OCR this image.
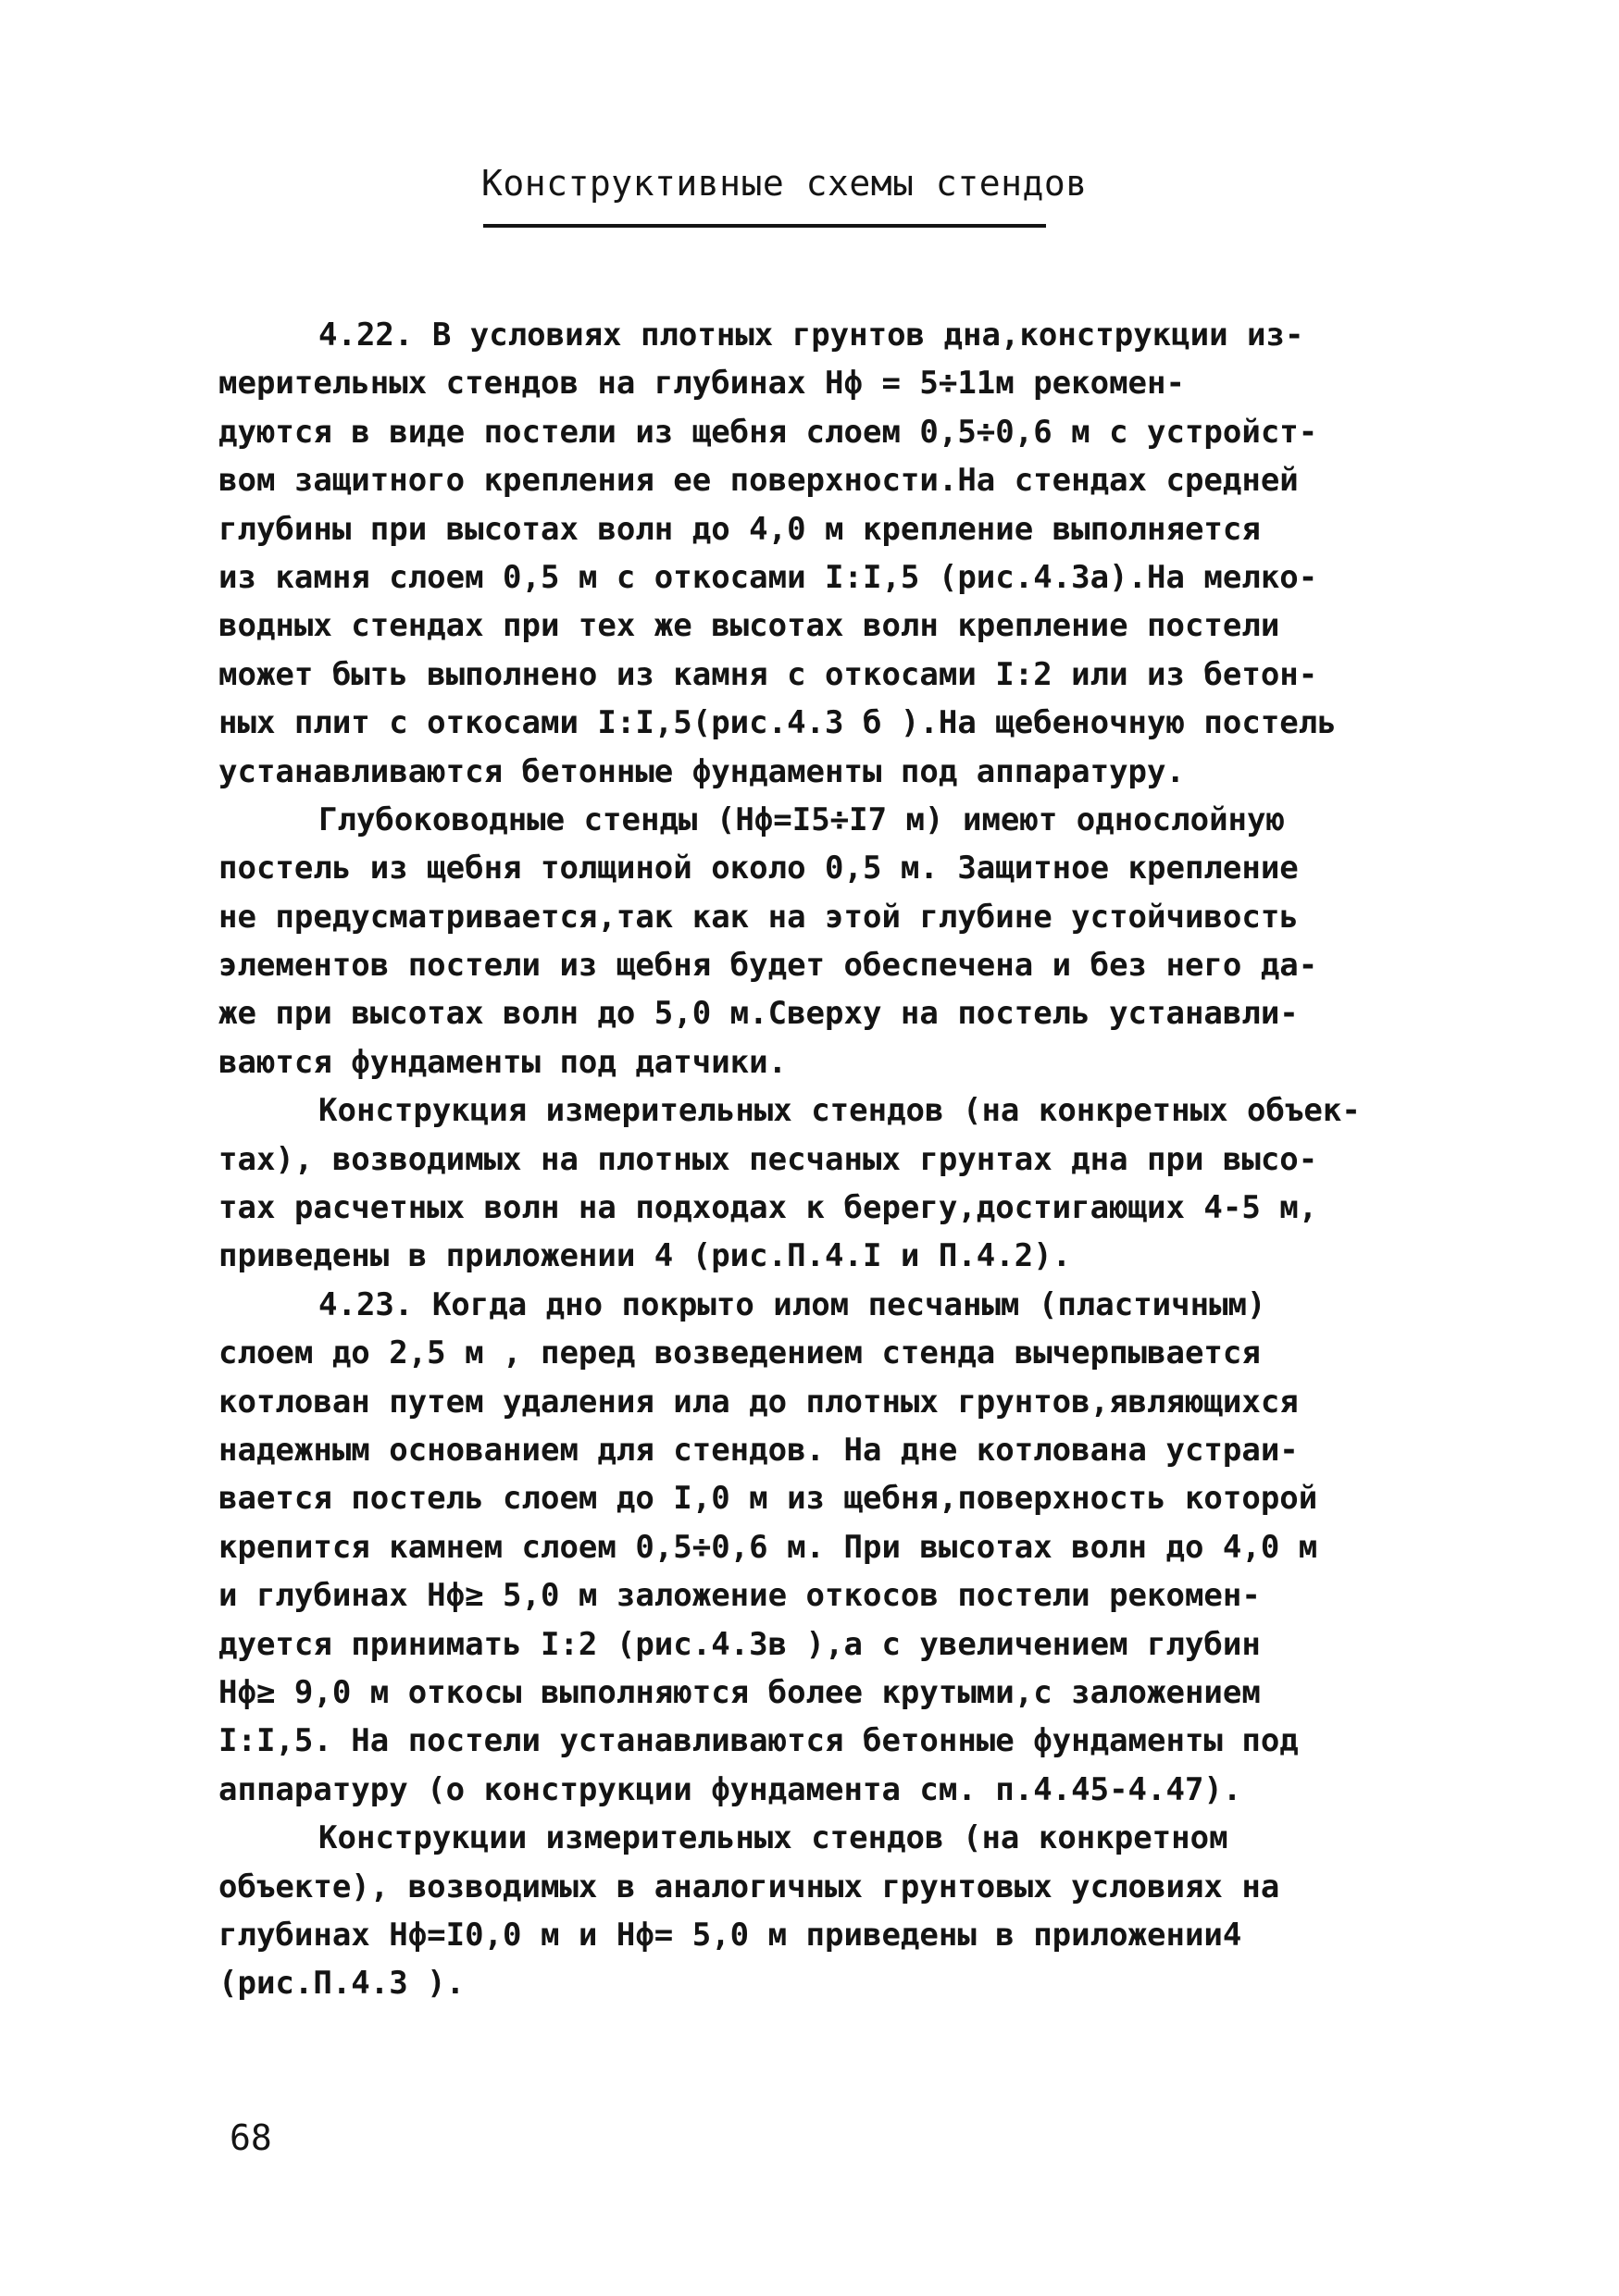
Конструктивные схемы стендов
4.22. В условиях плотных грунтов дна,конструкции из-
мерительных стендов на глубинах Hф = 5÷11м рекомен-
дуются в виде постели из щебня слоем 0,5÷0,6 м с устройст-
вом защитного крепления ее поверхности.На стендах средней
глубины при высотах волн до 4,0 м крепление выполняется
из камня слоем 0,5 м с откосами I:I,5 (рис.4.3а).На мелко-
водных стендах при тех же высотах волн крепление постели
может быть выполнено из камня с откосами I:2 или из бетон-
ных плит с откосами I:I,5(рис.4.3 б ).На щебеночную постель
устанавливаются бетонные фундаменты под аппаратуру.
Глубоководные стенды (Hф=I5÷I7 м) имеют однослойную
постель из щебня толщиной около 0,5 м. Защитное крепление
не предусматривается,так как на этой глубине устойчивость
элементов постели из щебня будет обеспечена и без него да-
же при высотах волн до 5,0 м.Сверху на постель устанавли-
ваются фундаменты под датчики.
Конструкция измерительных стендов (на конкретных объек-
тах), возводимых на плотных песчаных грунтах дна при высо-
тах расчетных волн на подходах к берегу,достигающих 4-5 м,
приведены в приложении 4 (рис.П.4.I и П.4.2).
4.23. Когда дно покрыто илом песчаным (пластичным)
слоем до 2,5 м , перед возведением стенда вычерпывается
котлован путем удаления ила до плотных грунтов,являющихся
надежным основанием для стендов. На дне котлована устраи-
вается постель слоем до I,0 м из щебня,поверхность которой
крепится камнем слоем 0,5÷0,6 м. При высотах волн до 4,0 м
и глубинах Hф≥ 5,0 м заложение откосов постели рекомен-
дуется принимать I:2 (рис.4.3в ),а с увеличением глубин
Hф≥ 9,0 м откосы выполняются более крутыми,с заложением
I:I,5. На постели устанавливаются бетонные фундаменты под
аппаратуру (о конструкции фундамента см. п.4.45-4.47).
Конструкции измерительных стендов (на конкретном
объекте), возводимых в аналогичных грунтовых условиях на
глубинах Hф=I0,0 м и Hф= 5,0 м приведены в приложении4
(рис.П.4.3 ).
68
